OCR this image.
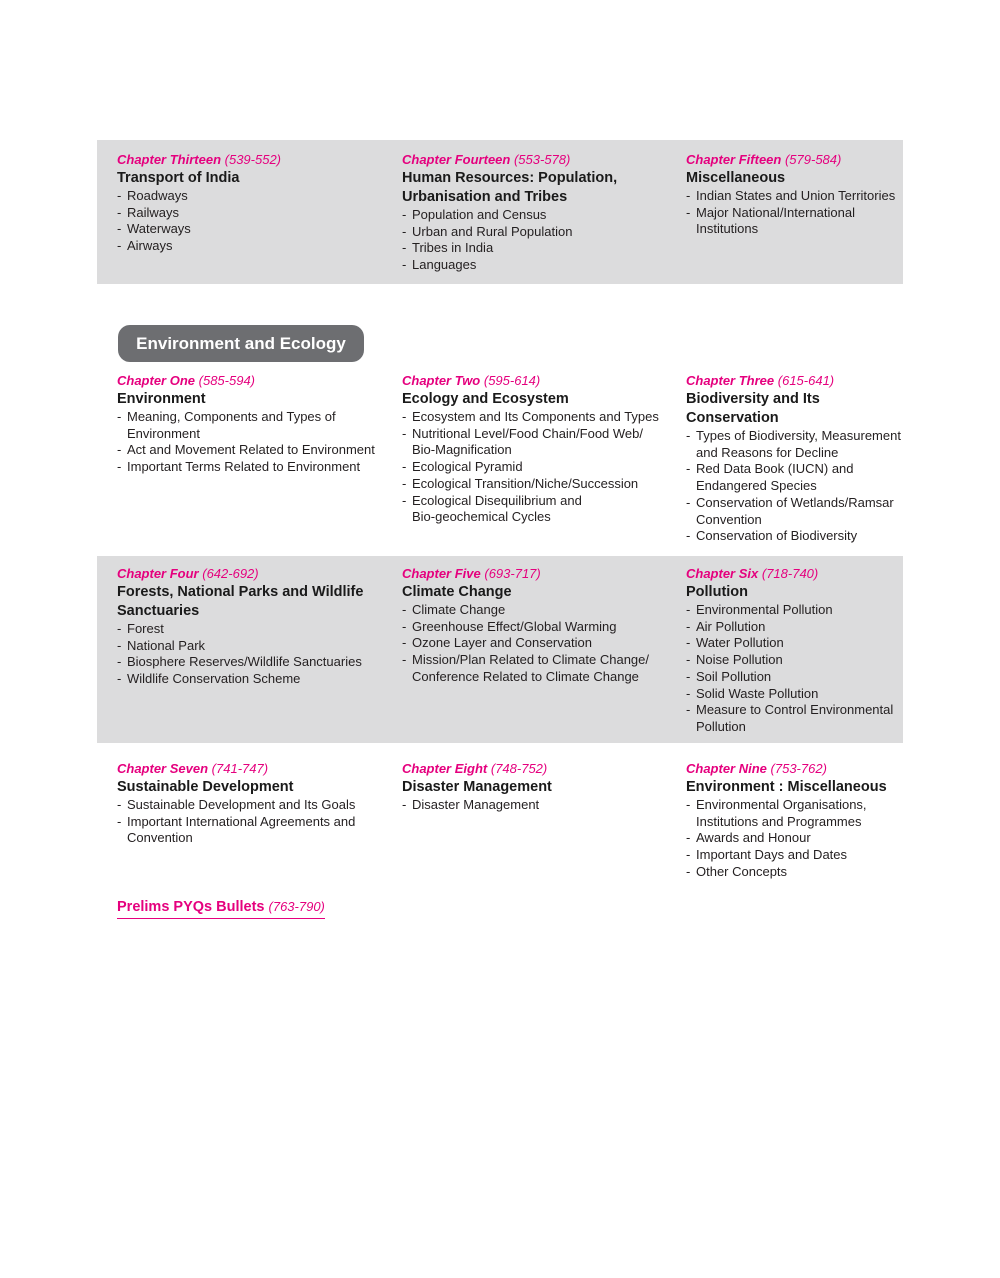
Chapter Thirteen (539-552)
Transport of India
- Roadways
- Railways
- Waterways
- Airways
Chapter Fourteen (553-578)
Human Resources: Population, Urbanisation and Tribes
- Population and Census
- Urban and Rural Population
- Tribes in India
- Languages
Chapter Fifteen (579-584)
Miscellaneous
- Indian States and Union Territories
- Major National/International Institutions
Environment and Ecology
Chapter One (585-594)
Environment
- Meaning, Components and Types of Environment
- Act and Movement Related to Environment
- Important Terms Related to Environment
Chapter Two (595-614)
Ecology and Ecosystem
- Ecosystem and Its Components and Types
- Nutritional Level/Food Chain/Food Web/ Bio-Magnification
- Ecological Pyramid
- Ecological Transition/Niche/Succession
- Ecological Disequilibrium and Bio-geochemical Cycles
Chapter Three (615-641)
Biodiversity and Its Conservation
- Types of Biodiversity, Measurement and Reasons for Decline
- Red Data Book (IUCN) and Endangered Species
- Conservation of Wetlands/Ramsar Convention
- Conservation of Biodiversity
Chapter Four (642-692)
Forests, National Parks and Wildlife Sanctuaries
- Forest
- National Park
- Biosphere Reserves/Wildlife Sanctuaries
- Wildlife Conservation Scheme
Chapter Five (693-717)
Climate Change
- Climate Change
- Greenhouse Effect/Global Warming
- Ozone Layer and Conservation
- Mission/Plan Related to Climate Change/ Conference Related to Climate Change
Chapter Six (718-740)
Pollution
- Environmental Pollution
- Air Pollution
- Water Pollution
- Noise Pollution
- Soil Pollution
- Solid Waste Pollution
- Measure to Control Environmental Pollution
Chapter Seven (741-747)
Sustainable Development
- Sustainable Development and Its Goals
- Important International Agreements and Convention
Chapter Eight (748-752)
Disaster Management
- Disaster Management
Chapter Nine (753-762)
Environment : Miscellaneous
- Environmental Organisations, Institutions and Programmes
- Awards and Honour
- Important Days and Dates
- Other Concepts
Prelims PYQs Bullets (763-790)
